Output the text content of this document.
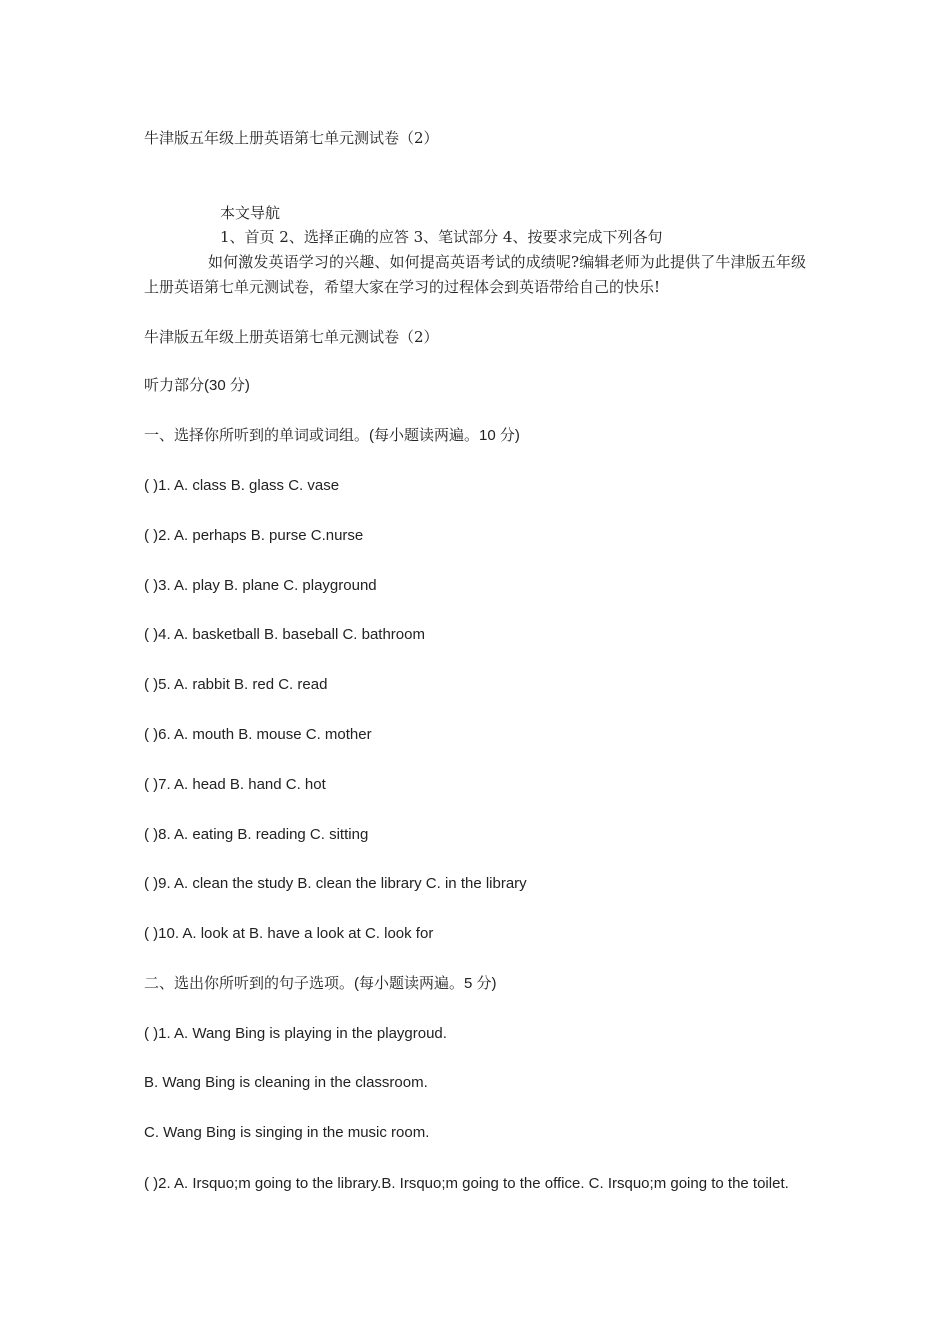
牛津版五年级上册英语第七单元测试卷（2）
本文导航
1、首页 2、选择正确的应答 3、笔试部分 4、按要求完成下列各句
如何激发英语学习的兴趣、如何提高英语考试的成绩呢?编辑老师为此提供了牛津版五年级上册英语第七单元测试卷，希望大家在学习的过程体会到英语带给自己的快乐!
牛津版五年级上册英语第七单元测试卷（2）
听力部分(30 分)
一、选择你所听到的单词或词组。(每小题读两遍。10 分)
( )1. A. class B. glass C. vase
( )2. A. perhaps B. purse C.nurse
( )3. A. play B. plane C. playground
( )4. A. basketball B. baseball C. bathroom
( )5. A. rabbit B. red C. read
( )6. A. mouth B. mouse C. mother
( )7. A. head B. hand C. hot
( )8. A. eating B. reading C. sitting
( )9. A. clean the study B. clean the library C. in the library
( )10. A. look at B. have a look at C. look for
二、选出你所听到的句子选项。(每小题读两遍。5 分)
( )1. A. Wang Bing is playing in the playgroud.
B. Wang Bing is cleaning in the classroom.
C. Wang Bing is singing in the music room.
( )2. A. Irsquo;m going to the library.B. Irsquo;m going to the office. C. Irsquo;m going to the toilet.
